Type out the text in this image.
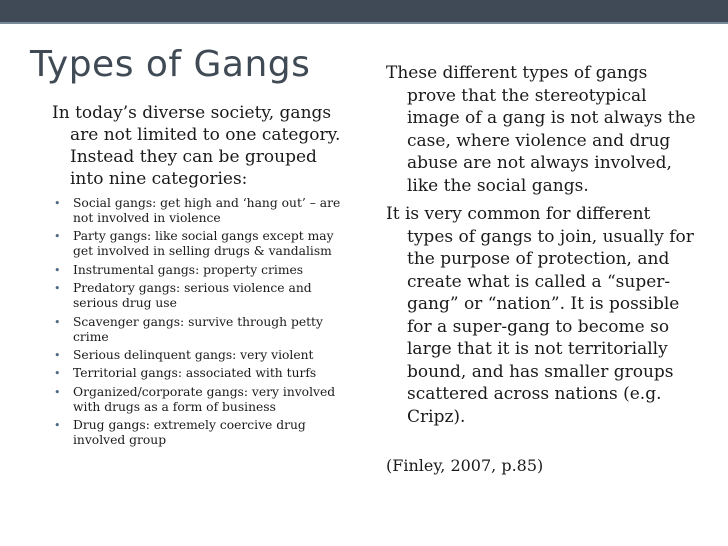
Types of Gangs

In today’s diverse society, gangs are not limited to one category. Instead they can be grouped into nine categories:

• Social gangs: get high and ‘hang out’ – are not involved in violence
• Party gangs: like social gangs except may get involved in selling drugs & vandalism
• Instrumental gangs: property crimes
• Predatory gangs: serious violence and serious drug use
• Scavenger gangs: survive through petty crime
• Serious delinquent gangs: very violent
• Territorial gangs: associated with turfs
• Organized/corporate gangs: very involved with drugs as a form of business
• Drug gangs: extremely coercive drug involved group

These different types of gangs prove that the stereotypical image of a gang is not always the case, where violence and drug abuse are not always involved, like the social gangs.

It is very common for different types of gangs to join, usually for the purpose of protection, and create what is called a “super-gang” or “nation”. It is possible for a super-gang to become so large that it is not territorially bound, and has smaller groups scattered across nations (e.g. Cripz).

(Finley, 2007, p.85)
